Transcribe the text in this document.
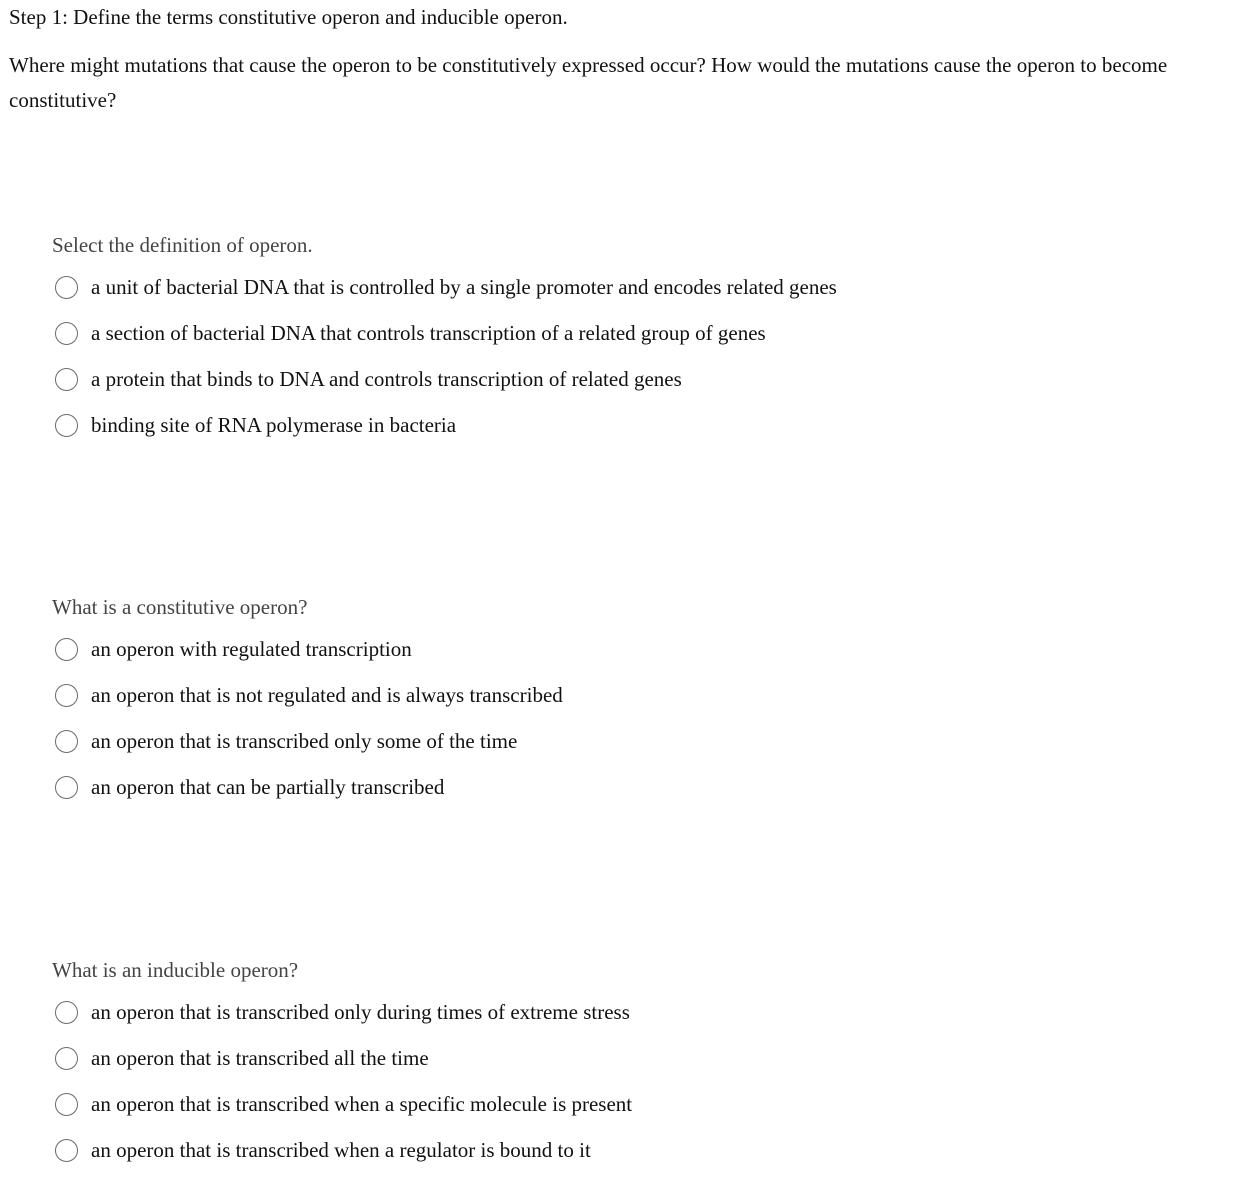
Step 1: Define the terms constitutive operon and inducible operon.

Where might mutations that cause the operon to be constitutively expressed occur? How would the mutations cause the operon to become constitutive?

Select the definition of operon.

a unit of bacterial DNA that is controlled by a single promoter and encodes related genes
a section of bacterial DNA that controls transcription of a related group of genes
a protein that binds to DNA and controls transcription of related genes
binding site of RNA polymerase in bacteria

What is a constitutive operon?

an operon with regulated transcription
an operon that is not regulated and is always transcribed
an operon that is transcribed only some of the time
an operon that can be partially transcribed

What is an inducible operon?

an operon that is transcribed only during times of extreme stress
an operon that is transcribed all the time
an operon that is transcribed when a specific molecule is present
an operon that is transcribed when a regulator is bound to it
